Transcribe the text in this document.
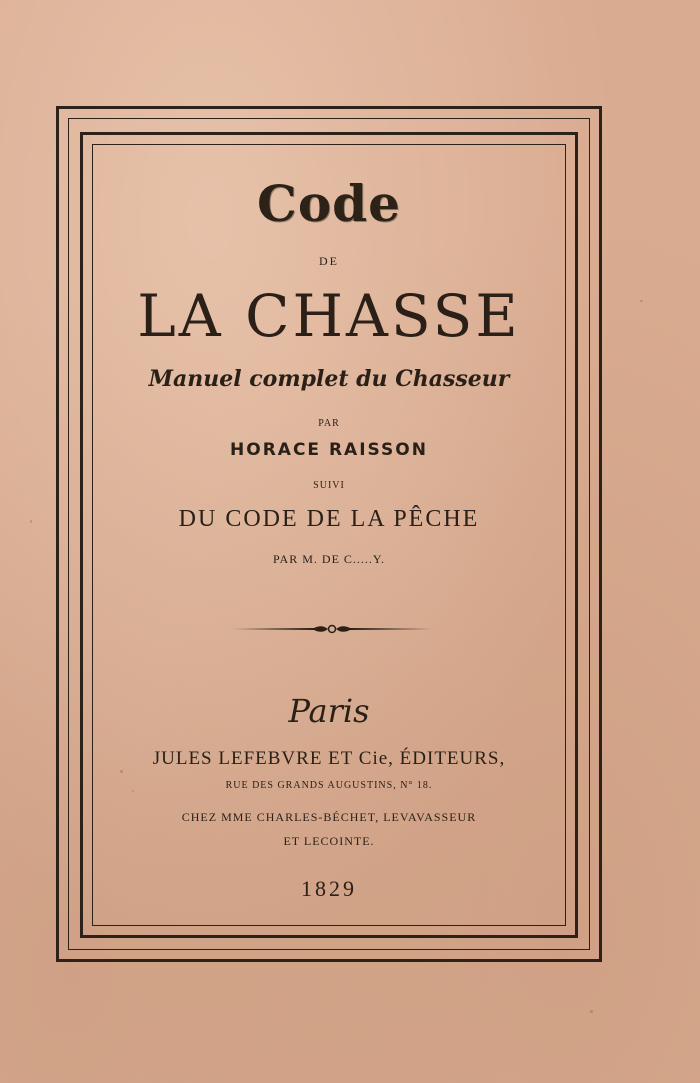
Code
DE
LA CHASSE
Manuel complet du Chasseur
PAR
HORACE RAISSON
SUIVI
DU CODE DE LA PÊCHE
PAR M. DE C.....Y.
Paris
JULES LEFEBVRE ET Cie, ÉDITEURS,
RUE DES GRANDS AUGUSTINS, N° 18.
CHEZ MME CHARLES-BÉCHET, LEVAVASSEUR
ET LECOINTE.
1829
